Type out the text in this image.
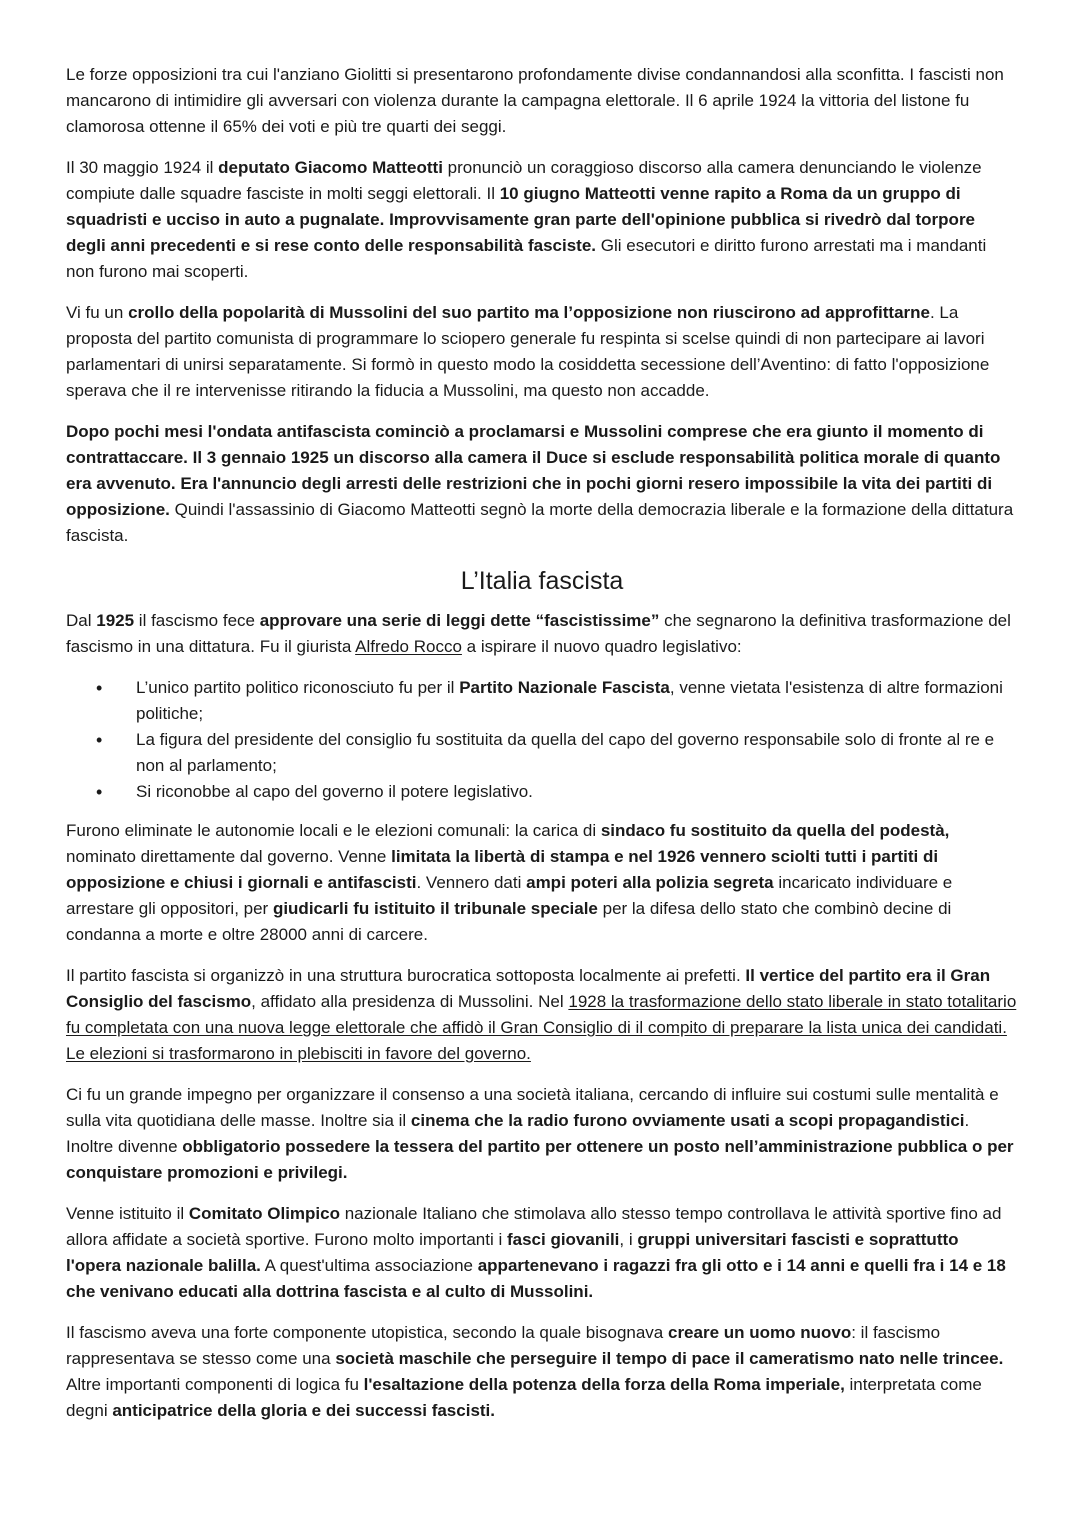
Le forze opposizioni tra cui l'anziano Giolitti si presentarono profondamente divise condannandosi alla sconfitta. I fascisti non mancarono di intimidire gli avversari con violenza durante la campagna elettorale. Il 6 aprile 1924 la vittoria del listone fu clamorosa ottenne il 65% dei voti e più tre quarti dei seggi.

Il 30 maggio 1924 il deputato Giacomo Matteotti pronunciò un coraggioso discorso alla camera denunciando le violenze compiute dalle squadre fasciste in molti seggi elettorali. Il 10 giugno Matteotti venne rapito a Roma da un gruppo di squadristi e ucciso in auto a pugnalate. Improvvisamente gran parte dell'opinione pubblica si rivedrò dal torpore degli anni precedenti e si rese conto delle responsabilità fasciste. Gli esecutori e diritto furono arrestati ma i mandanti non furono mai scoperti.

Vi fu un crollo della popolarità di Mussolini del suo partito ma l’opposizione non riuscirono ad approfittarne. La proposta del partito comunista di programmare lo sciopero generale fu respinta si scelse quindi di non partecipare ai lavori parlamentari di unirsi separatamente. Si formò in questo modo la cosiddetta secessione dell’Aventino: di fatto l'opposizione sperava che il re intervenisse ritirando la fiducia a Mussolini, ma questo non accadde.

Dopo pochi mesi l'ondata antifascista cominciò a proclamarsi e Mussolini comprese che era giunto il momento di contrattaccare. Il 3 gennaio 1925 un discorso alla camera il Duce si esclude responsabilità politica morale di quanto era avvenuto. Era l'annuncio degli arresti delle restrizioni che in pochi giorni resero impossibile la vita dei partiti di opposizione. Quindi l'assassinio di Giacomo Matteotti segnò la morte della democrazia liberale e la formazione della dittatura fascista.

L’Italia fascista

Dal 1925 il fascismo fece approvare una serie di leggi dette “fascistissime” che segnarono la definitiva trasformazione del fascismo in una dittatura. Fu il giurista Alfredo Rocco a ispirare il nuovo quadro legislativo:

• L’unico partito politico riconosciuto fu per il Partito Nazionale Fascista, venne vietata l'esistenza di altre formazioni politiche;
• La figura del presidente del consiglio fu sostituita da quella del capo del governo responsabile solo di fronte al re e non al parlamento;
• Si riconobbe al capo del governo il potere legislativo.

Furono eliminate le autonomie locali e le elezioni comunali: la carica di sindaco fu sostituito da quella del podestà, nominato direttamente dal governo. Venne limitata la libertà di stampa e nel 1926 vennero sciolti tutti i partiti di opposizione e chiusi i giornali e antifascisti. Vennero dati ampi poteri alla polizia segreta incaricato individuare e arrestare gli oppositori, per giudicarli fu istituito il tribunale speciale per la difesa dello stato che combinò decine di condanna a morte e oltre 28000 anni di carcere.

Il partito fascista si organizzò in una struttura burocratica sottoposta localmente ai prefetti. Il vertice del partito era il Gran Consiglio del fascismo, affidato alla presidenza di Mussolini. Nel 1928 la trasformazione dello stato liberale in stato totalitario fu completata con una nuova legge elettorale che affidò il Gran Consiglio di il compito di preparare la lista unica dei candidati. Le elezioni si trasformarono in plebisciti in favore del governo.

Ci fu un grande impegno per organizzare il consenso a una società italiana, cercando di influire sui costumi sulle mentalità e sulla vita quotidiana delle masse. Inoltre sia il cinema che la radio furono ovviamente usati a scopi propagandistici. Inoltre divenne obbligatorio possedere la tessera del partito per ottenere un posto nell’amministrazione pubblica o per conquistare promozioni e privilegi.

Venne istituito il Comitato Olimpico nazionale Italiano che stimolava allo stesso tempo controllava le attività sportive fino ad allora affidate a società sportive. Furono molto importanti i fasci giovanili, i gruppi universitari fascisti e soprattutto l'opera nazionale balilla. A quest'ultima associazione appartenevano i ragazzi fra gli otto e i 14 anni e quelli fra i 14 e 18 che venivano educati alla dottrina fascista e al culto di Mussolini.

Il fascismo aveva una forte componente utopistica, secondo la quale bisognava creare un uomo nuovo: il fascismo rappresentava se stesso come una società maschile che perseguire il tempo di pace il cameratismo nato nelle trincee. Altre importanti componenti di logica fu l'esaltazione della potenza della forza della Roma imperiale, interpretata come degni anticipatrice della gloria e dei successi fascisti.
